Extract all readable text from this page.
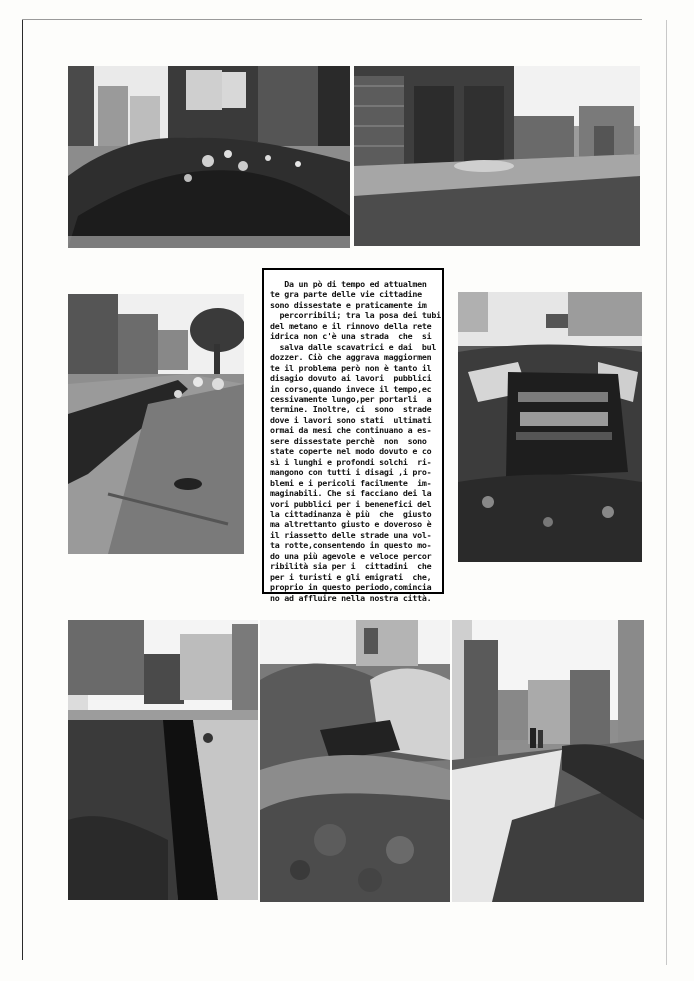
Da un pò di tempo ed attualmen

te gra parte delle vie cittadine

sono dissestate e praticamente im

percorribili; tra la posa dei tubi

del metano e il rinnovo della rete

idrica non c'è una strada  che  si

salva dalle scavatrici e dai  bul

dozzer. Ciò che aggrava maggiormen

te il problema però non è tanto il

disagio dovuto ai lavori  pubblici

in corso,quando invece il tempo,ec

cessivamente lungo,per portarli  a

termine. Inoltre, ci  sono  strade

dove i lavori sono stati  ultimati

ormai da mesi che continuano a es-

sere dissestate perchè  non  sono

state coperte nel modo dovuto e co

sì i lunghi e profondi solchi  ri-

mangono con tutti i disagi ,i pro-

blemi e i pericoli facilmente  im-

maginabili. Che si facciano dei la

vori pubblici per i benenefici del

la cittadinanza è più  che  giusto

ma altrettanto giusto e doveroso è

il riassetto delle strade una vol-

ta rotte,consentendo in questo mo-

do una più agevole e veloce percor

ribilità sia per i  cittadini  che

per i turisti e gli emigrati  che,

proprio in questo periodo,comincia

no ad affluire nella nostra città.
